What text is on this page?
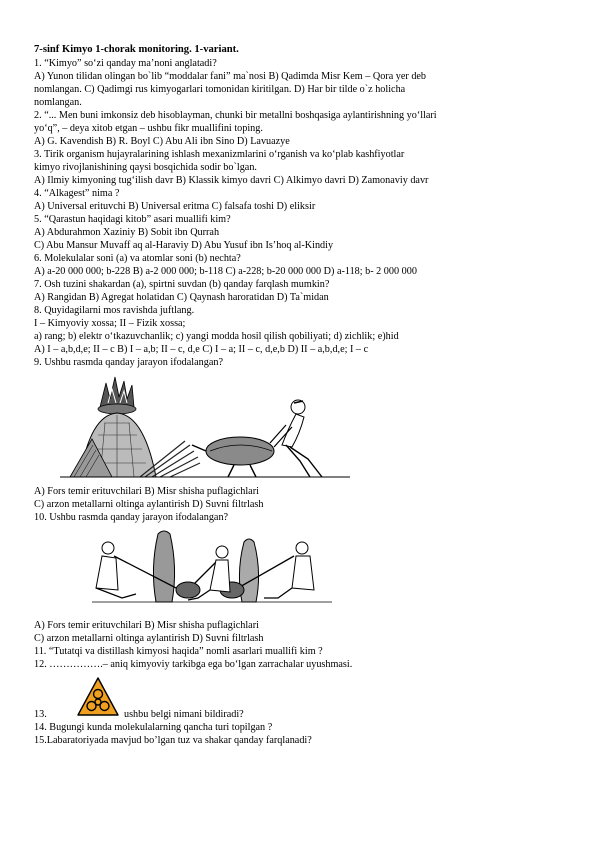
7-sinf Kimyo 1-chorak monitoring. 1-variant.
1. “Kimyo” so‘zi qanday ma’noni anglatadi?
A) Yunon tilidan olingan bo`lib “moddalar fani” ma`nosi B) Qadimda Misr Kem – Qora yer deb
nomlangan. C) Qadimgi rus kimyogarlari tomonidan kiritilgan. D) Har bir tilde o`z holicha
nomlangan.
2. “... Men buni imkonsiz deb hisoblayman, chunki bir metallni boshqasiga aylantirishning yo‘llari
yo‘q”, – deya xitob etgan – ushbu fikr muallifini toping.
A) G. Kavendish B) R. Boyl C) Abu Ali ibn Sino D) Lavuazye
3. Tirik organism hujayralarining ishlash mexanizmlarini o‘rganish va ko‘plab kashfiyotlar
kimyo rivojlanishining qaysi bosqichida sodir bo`lgan.
A) Ilmiy kimyoning tug‘ilish davr B) Klassik kimyo davri C) Alkimyo davri D) Zamonaviy davr
4. “Alkagest” nima ?
A) Universal erituvchi B) Universal eritma C) falsafa toshi D) eliksir
5. “Qarastun haqidagi kitob” asari muallifi kim?
A) Abdurahmon Xaziniy B) Sobit ibn Qurrah
C) Abu Mansur Muvaff aq al-Haraviy D) Abu Yusuf ibn Is’hoq al-Kindiy
6. Molekulalar soni (a) va atomlar soni (b) nechta?
A) a-20 000 000; b-228 B) a-2 000 000; b-118 C) a-228; b-20 000 000 D) a-118; b- 2 000 000
7. Osh tuzini shakardan (a), spirtni suvdan (b) qanday farqlash mumkin?
A) Rangidan B) Agregat holatidan C) Qaynash haroratidan D) Ta`midan
8. Quyidagilarni mos ravishda juftlang.
I – Kimyoviy xossa; II – Fizik xossa;
a) rang; b) elektr o‘tkazuvchanlik; c) yangi modda hosil qilish qobiliyati; d) zichlik; e)hid
A) I – a,b,d,e; II – c B) I – a,b; II – c, d,e C) I – a; II – c, d,e,b D) II – a,b,d,e; I – c
9. Ushbu rasmda qanday jarayon ifodalangan?
A) Fors temir erituvchilari B) Misr shisha puflagichlari
C) arzon metallarni oltinga aylantirish D) Suvni filtrlash
10. Ushbu rasmda qanday jarayon ifodalangan?
A) Fors temir erituvchilari B) Misr shisha puflagichlari
C) arzon metallarni oltinga aylantirish D) Suvni filtrlash
11. “Tutatqi va distillash kimyosi haqida” nomli asarlari muallifi kim ?
12. …………….– aniq kimyoviy tarkibga ega bo‘lgan zarrachalar uyushmasi.
13.	ushbu belgi nimani bildiradi?
14. Bugungi kunda molekulalarning qancha turi topilgan ?
15.Labaratoriyada mavjud bo’lgan tuz va shakar qanday farqlanadi?
